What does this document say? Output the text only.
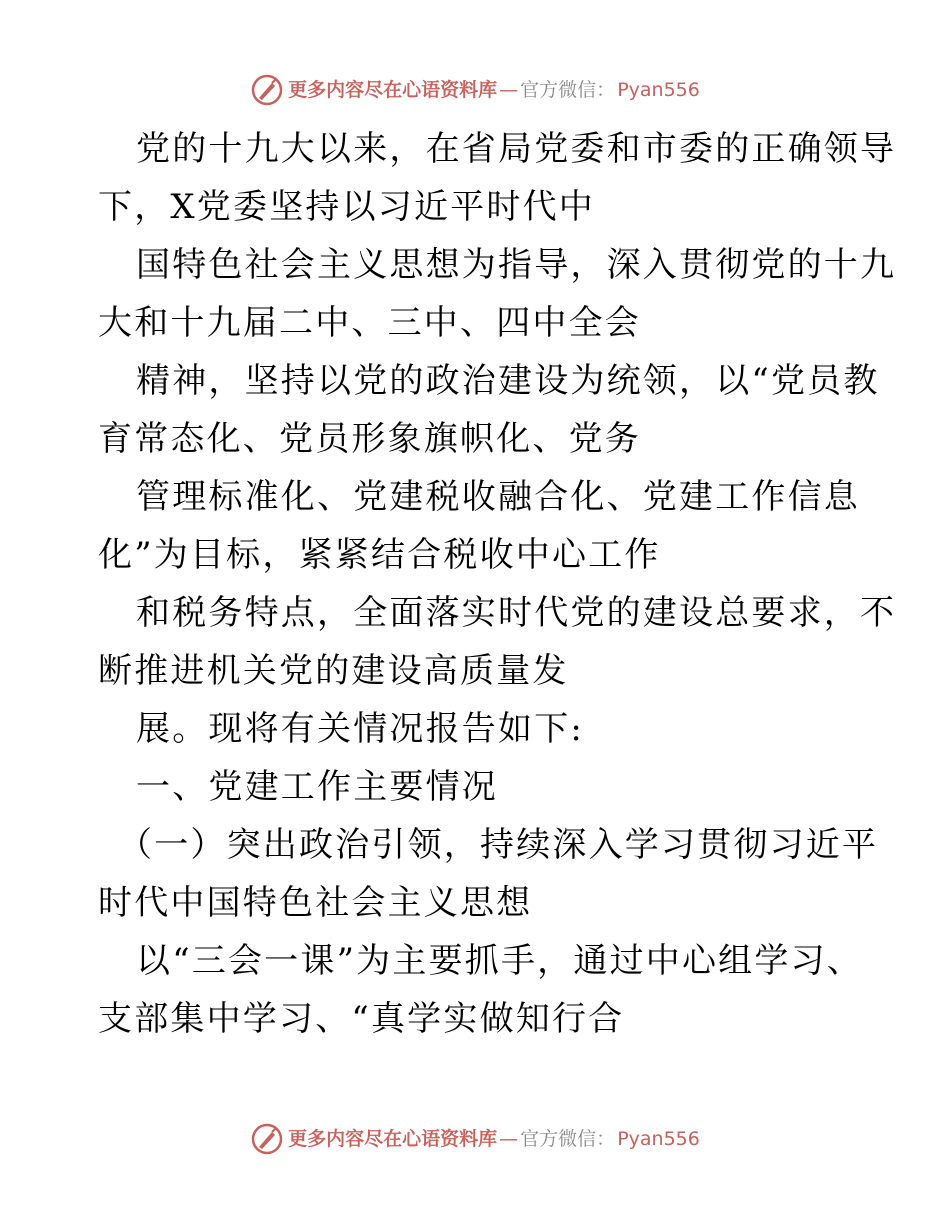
更多内容尽在心语资料库 — 官方微信： Pyan556
党的十九大以来，在省局党委和市委的正确领导
下，X党委坚持以习近平时代中
国特色社会主义思想为指导，深入贯彻党的十九
大和十九届二中、三中、四中全会
精神，坚持以党的政治建设为统领，以“党员教
育常态化、党员形象旗帜化、党务
管理标准化、党建税收融合化、党建工作信息
化”为目标，紧紧结合税收中心工作
和税务特点，全面落实时代党的建设总要求，不
断推进机关党的建设高质量发
展。现将有关情况报告如下:
一、党建工作主要情况
（一）突出政治引领，持续深入学习贯彻习近平
时代中国特色社会主义思想
以“三会一课”为主要抓手，通过中心组学习、
支部集中学习、“真学实做知行合
更多内容尽在心语资料库 — 官方微信： Pyan556
